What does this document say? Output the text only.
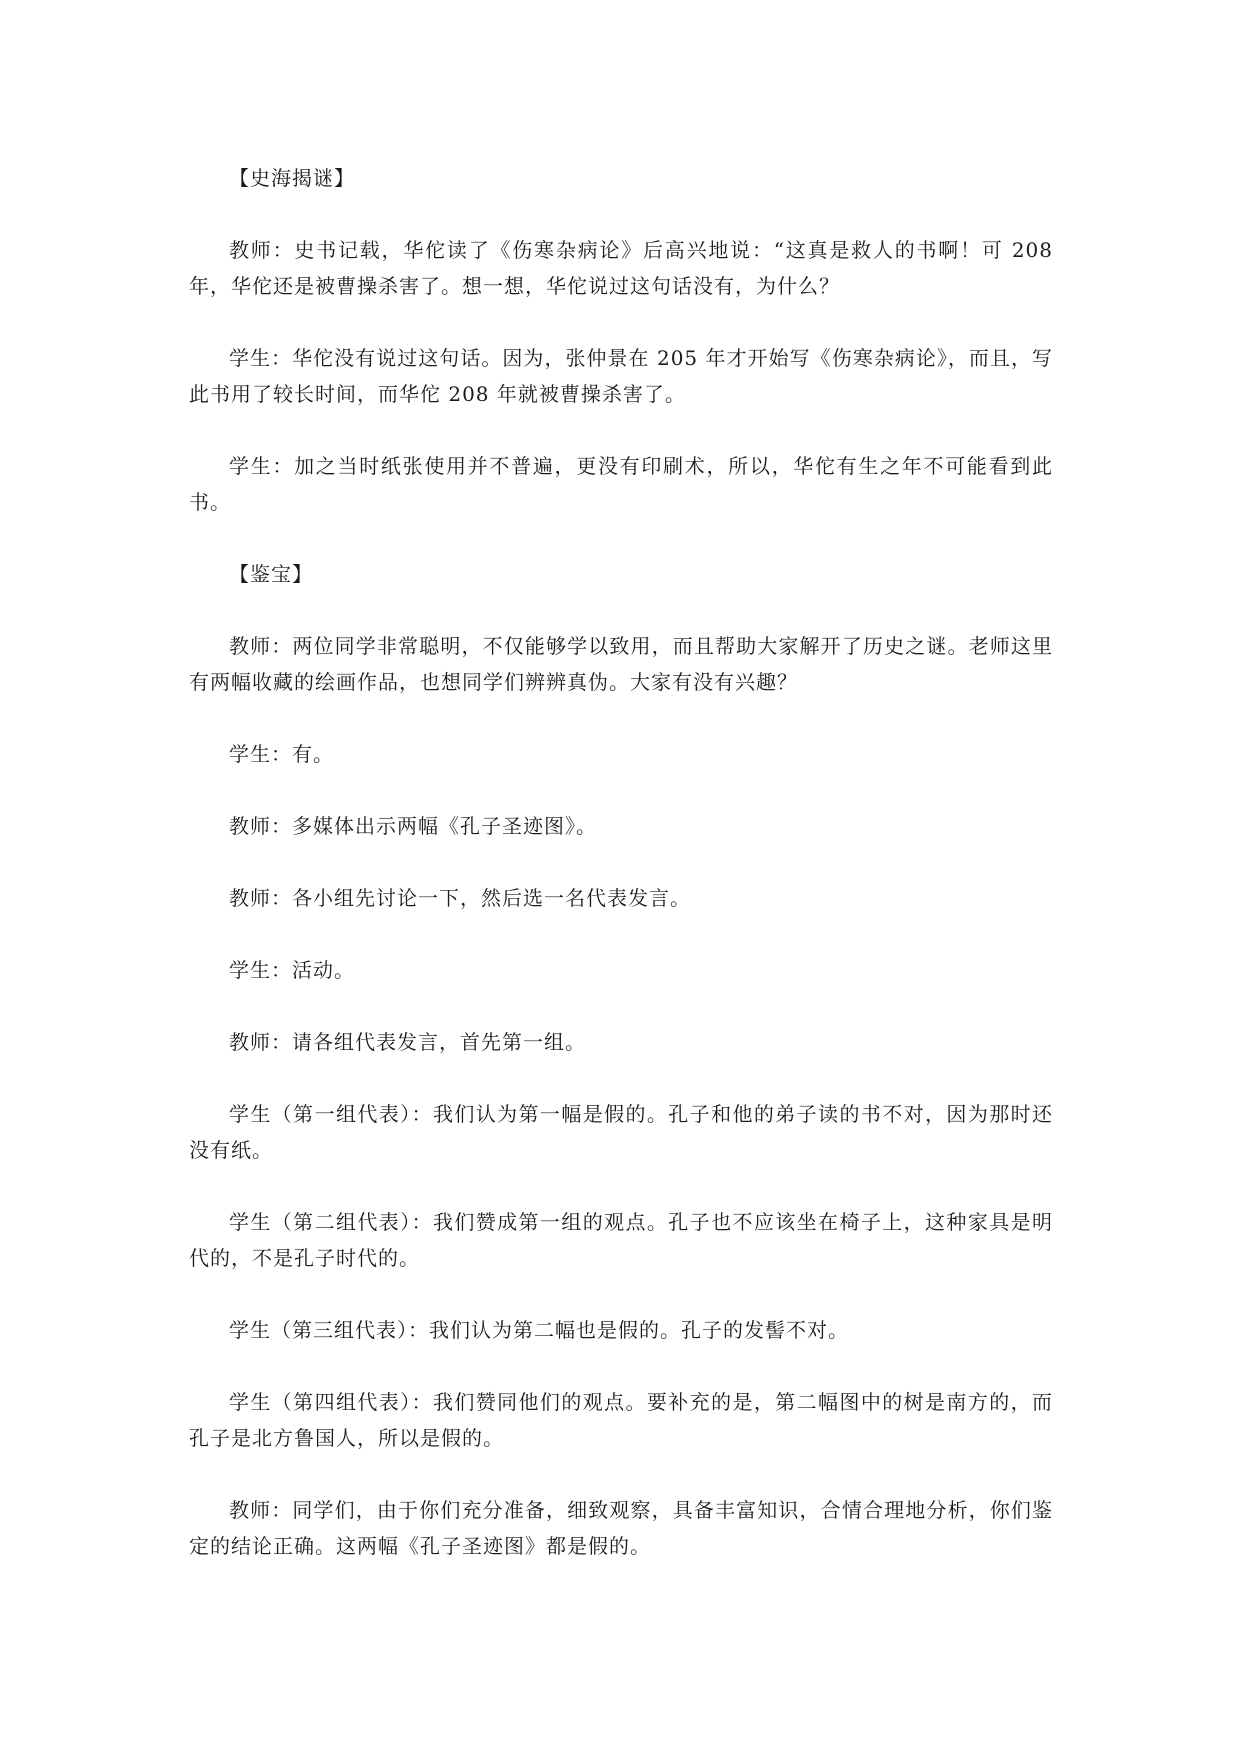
【史海揭谜】

教师：史书记载，华佗读了《伤寒杂病论》后高兴地说：“这真是救人的书啊！可 208 年，华佗还是被曹操杀害了。想一想，华佗说过这句话没有，为什么？

学生：华佗没有说过这句话。因为，张仲景在 205 年才开始写《伤寒杂病论》，而且，写此书用了较长时间，而华佗 208 年就被曹操杀害了。

学生：加之当时纸张使用并不普遍，更没有印刷术，所以，华佗有生之年不可能看到此书。

【鉴宝】

教师：两位同学非常聪明，不仅能够学以致用，而且帮助大家解开了历史之谜。老师这里有两幅收藏的绘画作品，也想同学们辨辨真伪。大家有没有兴趣？

学生：有。

教师：多媒体出示两幅《孔子圣迹图》。

教师：各小组先讨论一下，然后选一名代表发言。

学生：活动。

教师：请各组代表发言，首先第一组。

学生（第一组代表）：我们认为第一幅是假的。孔子和他的弟子读的书不对，因为那时还没有纸。

学生（第二组代表）：我们赞成第一组的观点。孔子也不应该坐在椅子上，这种家具是明代的，不是孔子时代的。

学生（第三组代表）：我们认为第二幅也是假的。孔子的发髻不对。

学生（第四组代表）：我们赞同他们的观点。要补充的是，第二幅图中的树是南方的，而孔子是北方鲁国人，所以是假的。

教师：同学们，由于你们充分准备，细致观察，具备丰富知识，合情合理地分析，你们鉴定的结论正确。这两幅《孔子圣迹图》都是假的。
